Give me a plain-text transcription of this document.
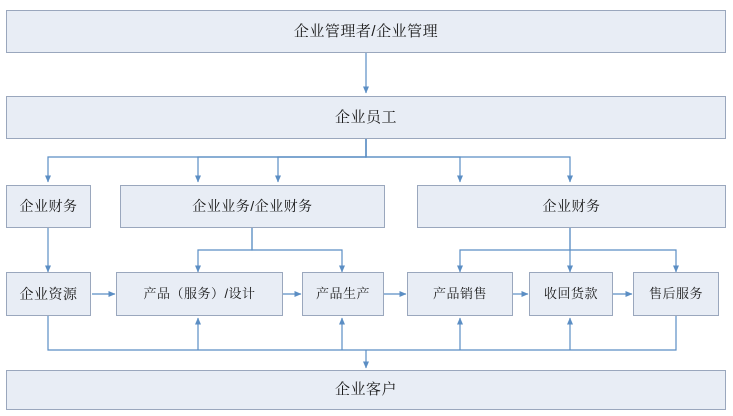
企业管理者/企业管理
企业员工
企业财务	企业业务/企业财务	企业财务
企业资源	产品（服务）/设计	产品生产	产品销售	收回货款	售后服务
企业客户
